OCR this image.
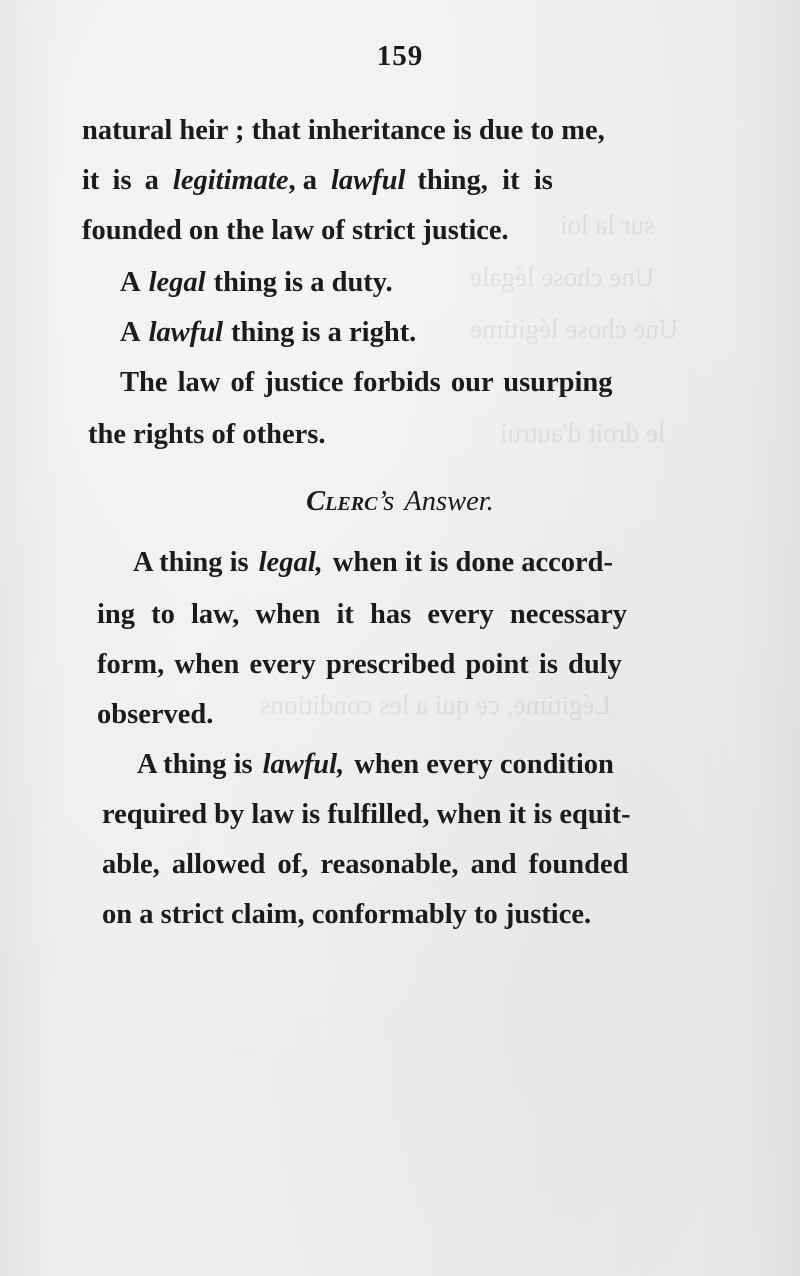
sur la loi
Une chose légale
Une chose légitime
le droit d'autrui
Légitime, ce qui a les conditions
159
natural heir ; that inheritance is due to me,
it is a legitimate , a lawful thing,  it  is
founded on the law of strict justice.
A legal thing is a duty.
A lawful thing is a right.
The law of justice forbids our usurping
the rights of others.
Clerc ’s Answer.
A thing is legal, when it is done accord-
ing to law, when it has every necessary
form, when every prescribed point is duly
observed.
A thing is lawful, when every condition
required by law is fulfilled, when it is equit-
able, allowed of, reasonable, and founded
on a strict claim, conformably to justice.
